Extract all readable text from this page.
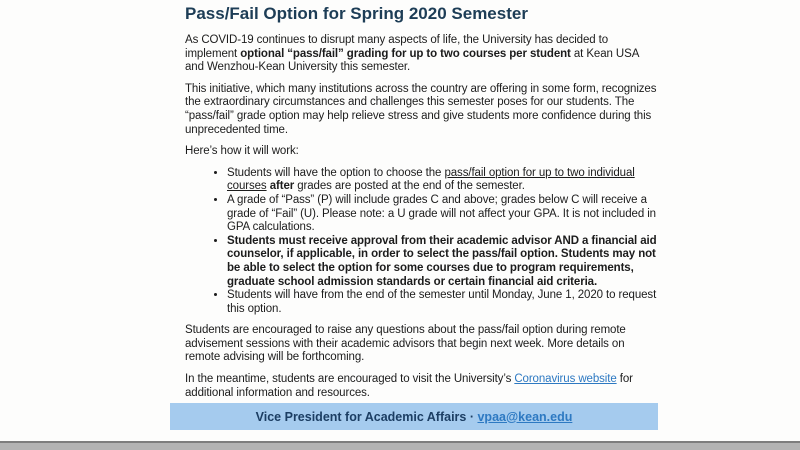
Pass/Fail Option for Spring 2020 Semester

As COVID-19 continues to disrupt many aspects of life, the University has decided to implement optional “pass/fail” grading for up to two courses per student at Kean USA and Wenzhou-Kean University this semester.

This initiative, which many institutions across the country are offering in some form, recognizes the extraordinary circumstances and challenges this semester poses for our students. The “pass/fail” grade option may help relieve stress and give students more confidence during this unprecedented time.

Here’s how it will work:

• Students will have the option to choose the pass/fail option for up to two individual courses after grades are posted at the end of the semester.
• A grade of “Pass” (P) will include grades C and above; grades below C will receive a grade of “Fail” (U). Please note: a U grade will not affect your GPA. It is not included in GPA calculations.
• Students must receive approval from their academic advisor AND a financial aid counselor, if applicable, in order to select the pass/fail option. Students may not be able to select the option for some courses due to program requirements, graduate school admission standards or certain financial aid criteria.
• Students will have from the end of the semester until Monday, June 1, 2020 to request this option.

Students are encouraged to raise any questions about the pass/fail option during remote advisement sessions with their academic advisors that begin next week. More details on remote advising will be forthcoming.

In the meantime, students are encouraged to visit the University’s Coronavirus website for additional information and resources.

Vice President for Academic Affairs · vpaa@kean.edu
